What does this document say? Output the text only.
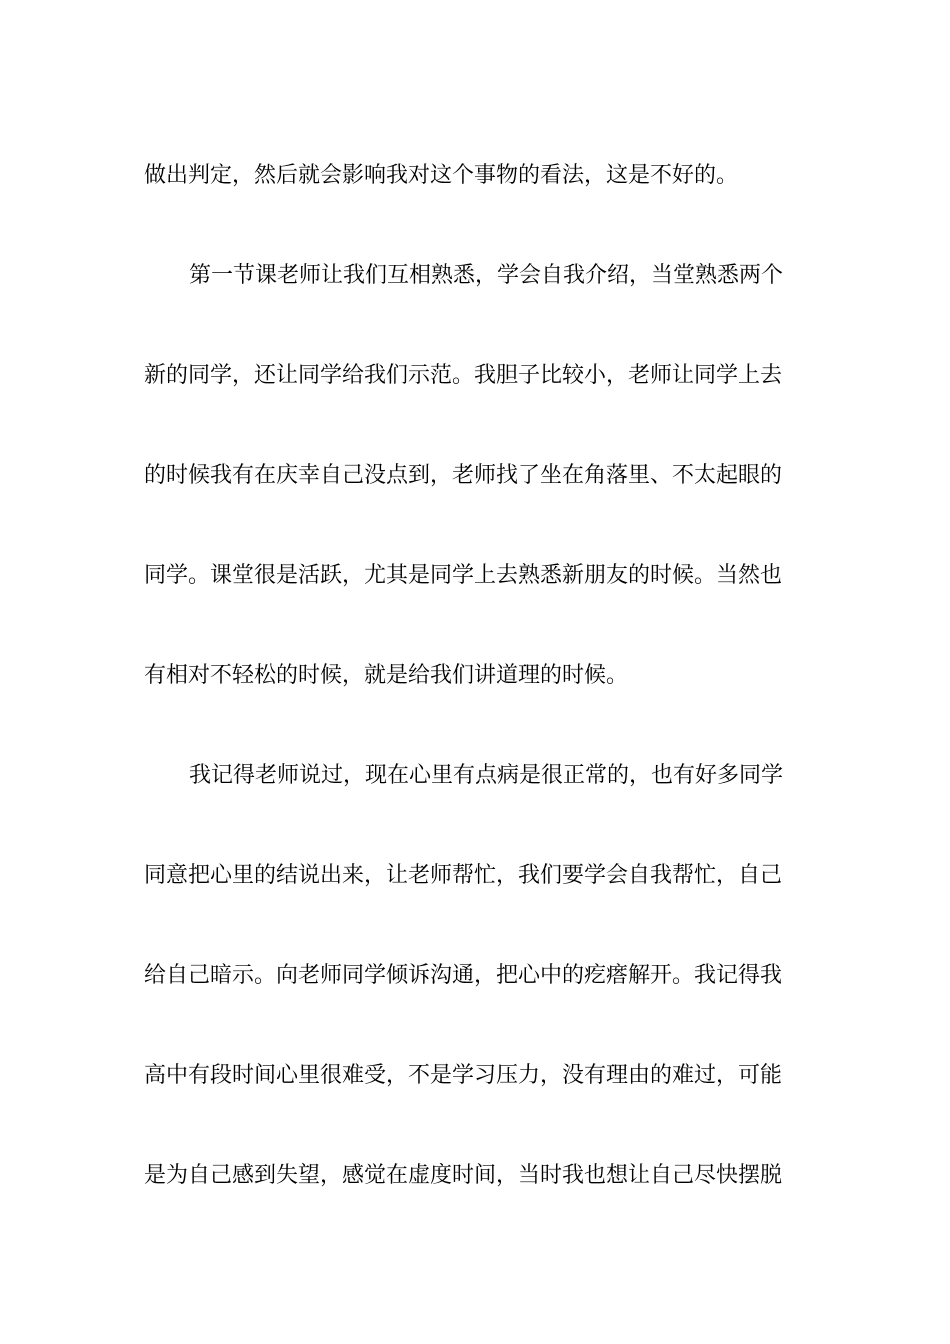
做出判定，然后就会影响我对这个事物的看法，这是不好的。
第一节课老师让我们互相熟悉，学会自我介绍，当堂熟悉两个
新的同学，还让同学给我们示范。我胆子比较小，老师让同学上去
的时候我有在庆幸自己没点到，老师找了坐在角落里、不太起眼的
同学。课堂很是活跃，尤其是同学上去熟悉新朋友的时候。当然也
有相对不轻松的时候，就是给我们讲道理的时候。
我记得老师说过，现在心里有点病是很正常的，也有好多同学
同意把心里的结说出来，让老师帮忙，我们要学会自我帮忙，自己
给自己暗示。向老师同学倾诉沟通，把心中的疙瘩解开。我记得我
高中有段时间心里很难受，不是学习压力，没有理由的难过，可能
是为自己感到失望，感觉在虚度时间，当时我也想让自己尽快摆脱
